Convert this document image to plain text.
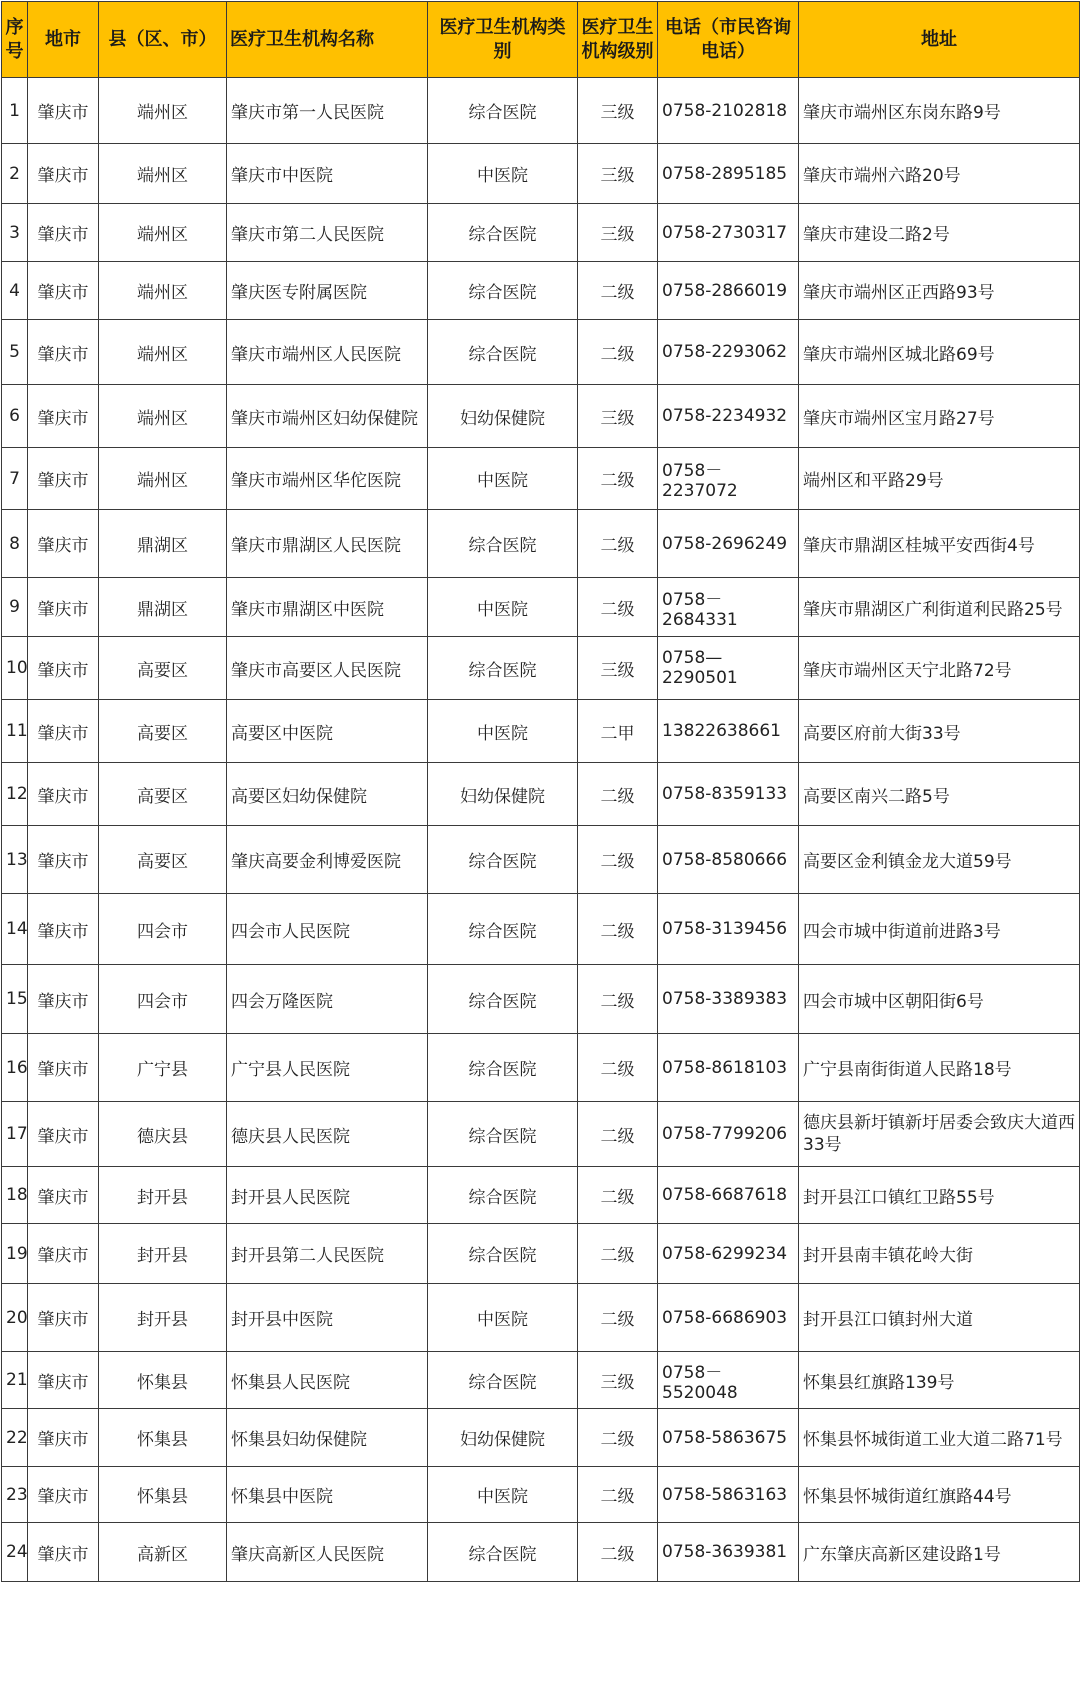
序号	地市	县（区、市）	医疗卫生机构名称	医疗卫生机构类别	医疗卫生机构级别	电话（市民咨询电话）	地址
1	肇庆市	端州区	肇庆市第一人民医院	综合医院	三级	0758-2102818	肇庆市端州区东岗东路9号
2	肇庆市	端州区	肇庆市中医院	中医院	三级	0758-2895185	肇庆市端州六路20号
3	肇庆市	端州区	肇庆市第二人民医院	综合医院	三级	0758-2730317	肇庆市建设二路2号
4	肇庆市	端州区	肇庆医专附属医院	综合医院	二级	0758-2866019	肇庆市端州区正西路93号
5	肇庆市	端州区	肇庆市端州区人民医院	综合医院	二级	0758-2293062	肇庆市端州区城北路69号
6	肇庆市	端州区	肇庆市端州区妇幼保健院	妇幼保健院	三级	0758-2234932	肇庆市端州区宝月路27号
7	肇庆市	端州区	肇庆市端州区华佗医院	中医院	二级	0758－2237072	端州区和平路29号
8	肇庆市	鼎湖区	肇庆市鼎湖区人民医院	综合医院	二级	0758-2696249	肇庆市鼎湖区桂城平安西街4号
9	肇庆市	鼎湖区	肇庆市鼎湖区中医院	中医院	二级	0758－2684331	肇庆市鼎湖区广利街道利民路25号
10	肇庆市	高要区	肇庆市高要区人民医院	综合医院	三级	0758—2290501	肇庆市端州区天宁北路72号
11	肇庆市	高要区	高要区中医院	中医院	二甲	13822638661	高要区府前大街33号
12	肇庆市	高要区	高要区妇幼保健院	妇幼保健院	二级	0758-8359133	高要区南兴二路5号
13	肇庆市	高要区	肇庆高要金利博爱医院	综合医院	二级	0758-8580666	高要区金利镇金龙大道59号
14	肇庆市	四会市	四会市人民医院	综合医院	二级	0758-3139456	四会市城中街道前进路3号
15	肇庆市	四会市	四会万隆医院	综合医院	二级	0758-3389383	四会市城中区朝阳街6号
16	肇庆市	广宁县	广宁县人民医院	综合医院	二级	0758-8618103	广宁县南街街道人民路18号
17	肇庆市	德庆县	德庆县人民医院	综合医院	二级	0758-7799206	德庆县新圩镇新圩居委会致庆大道西33号
18	肇庆市	封开县	封开县人民医院	综合医院	二级	0758-6687618	封开县江口镇红卫路55号
19	肇庆市	封开县	封开县第二人民医院	综合医院	二级	0758-6299234	封开县南丰镇花岭大街
20	肇庆市	封开县	封开县中医院	中医院	二级	0758-6686903	封开县江口镇封州大道
21	肇庆市	怀集县	怀集县人民医院	综合医院	三级	0758－5520048	怀集县红旗路139号
22	肇庆市	怀集县	怀集县妇幼保健院	妇幼保健院	二级	0758-5863675	怀集县怀城街道工业大道二路71号
23	肇庆市	怀集县	怀集县中医院	中医院	二级	0758-5863163	怀集县怀城街道红旗路44号
24	肇庆市	高新区	肇庆高新区人民医院	综合医院	二级	0758-3639381	广东肇庆高新区建设路1号
